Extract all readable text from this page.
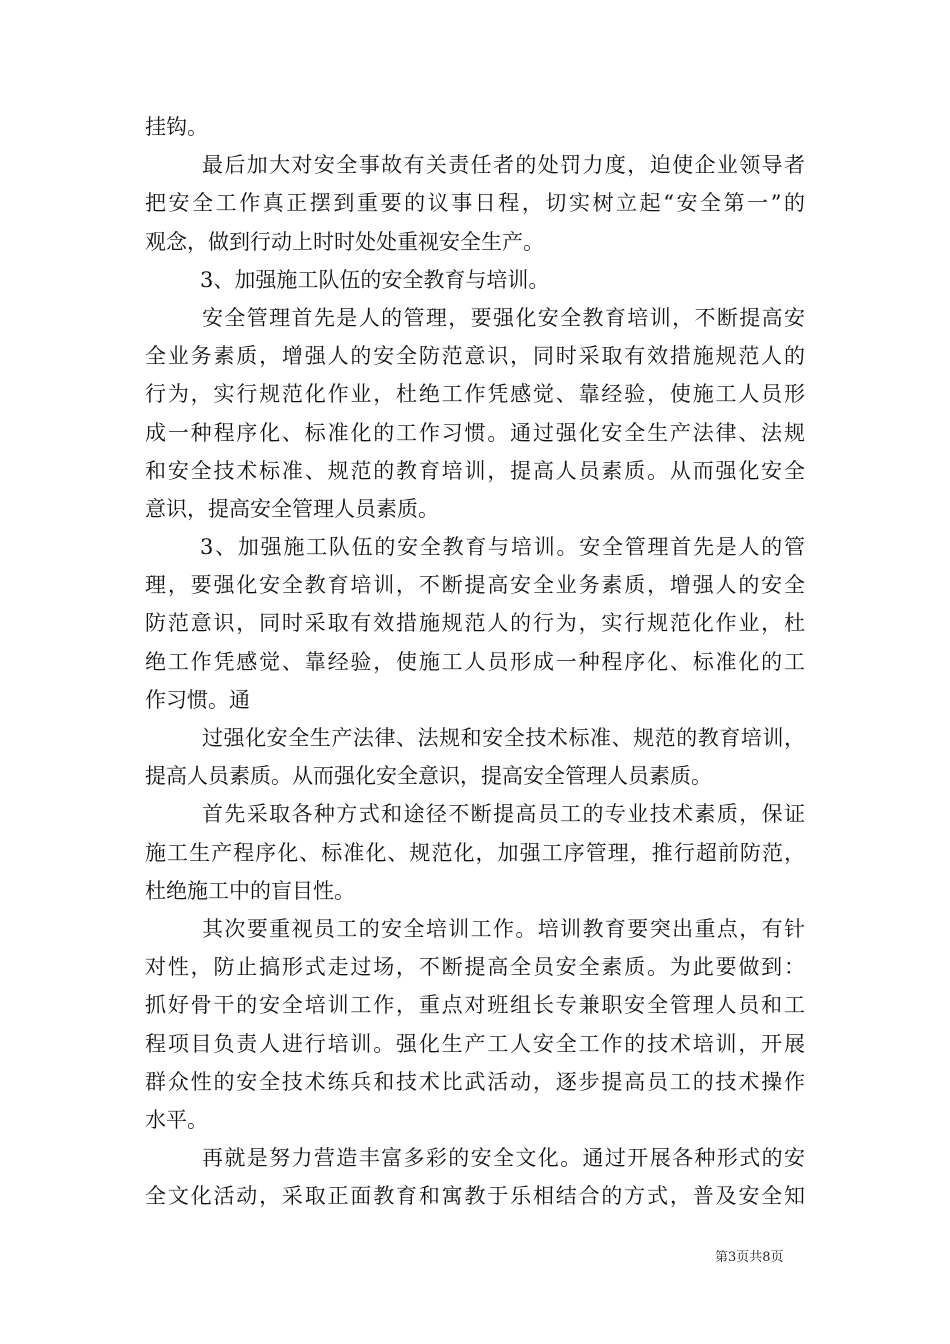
挂钩。
最后加大对安全事故有关责任者的处罚力度，迫使企业领导者
把安全工作真正摆到重要的议事日程，切实树立起“安全第一”的
观念，做到行动上时时处处重视安全生产。
3、加强施工队伍的安全教育与培训。
安全管理首先是人的管理，要强化安全教育培训，不断提高安
全业务素质，增强人的安全防范意识，同时采取有效措施规范人的
行为，实行规范化作业，杜绝工作凭感觉、靠经验，使施工人员形
成一种程序化、标准化的工作习惯。通过强化安全生产法律、法规
和安全技术标准、规范的教育培训，提高人员素质。从而强化安全
意识，提高安全管理人员素质。
3、加强施工队伍的安全教育与培训。安全管理首先是人的管
理，要强化安全教育培训，不断提高安全业务素质，增强人的安全
防范意识，同时采取有效措施规范人的行为，实行规范化作业，杜
绝工作凭感觉、靠经验，使施工人员形成一种程序化、标准化的工
作习惯。通
过强化安全生产法律、法规和安全技术标准、规范的教育培训，
提高人员素质。从而强化安全意识，提高安全管理人员素质。
首先采取各种方式和途径不断提高员工的专业技术素质，保证
施工生产程序化、标准化、规范化，加强工序管理，推行超前防范，
杜绝施工中的盲目性。
其次要重视员工的安全培训工作。培训教育要突出重点，有针
对性，防止搞形式走过场，不断提高全员安全素质。为此要做到：
抓好骨干的安全培训工作，重点对班组长专兼职安全管理人员和工
程项目负责人进行培训。强化生产工人安全工作的技术培训，开展
群众性的安全技术练兵和技术比武活动，逐步提高员工的技术操作
水平。
再就是努力营造丰富多彩的安全文化。通过开展各种形式的安
全文化活动，采取正面教育和寓教于乐相结合的方式，普及安全知
第3页共8页
